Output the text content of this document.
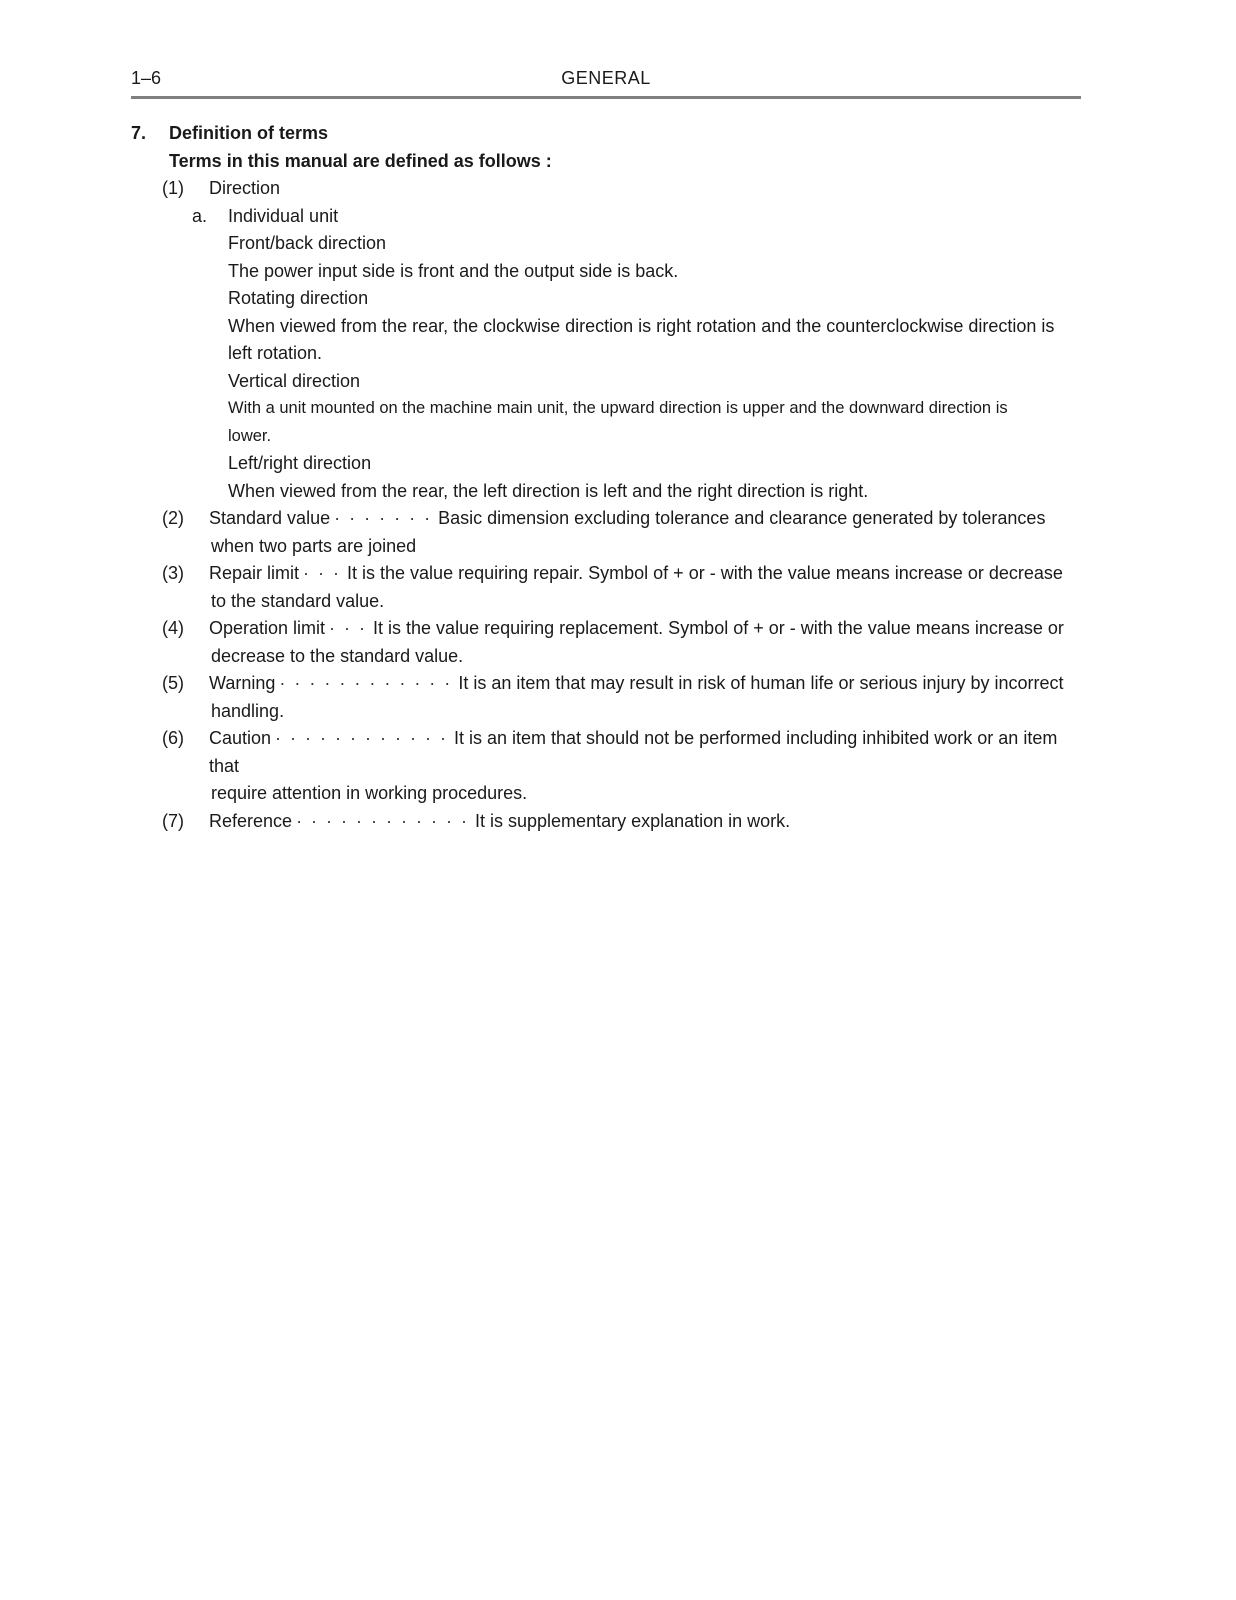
1–6	GENERAL
7. Definition of terms
Terms in this manual are defined as follows :
(1) Direction
a. Individual unit
Front/back direction
The power input side is front and the output side is back.
Rotating direction
When viewed from the rear, the clockwise direction is right rotation and the counterclockwise direction is
left rotation.
Vertical direction
With a unit mounted on the machine main unit, the upward direction is upper and the downward direction is
lower.
Left/right direction
When viewed from the rear, the left direction is left and the right direction is right.
(2) Standard value · · · · · · · Basic dimension excluding tolerance and clearance generated by tolerances
when two parts are joined
(3) Repair limit · · · It is the value requiring repair. Symbol of + or - with the value means increase or decrease
to the standard value.
(4) Operation limit · · · It is the value requiring replacement. Symbol of + or - with the value means increase or
decrease to the standard value.
(5) Warning · · · · · · · · · · · · It is an item that may result in risk of human life or serious injury by incorrect
handling.
(6) Caution · · · · · · · · · · · · It is an item that should not be performed including inhibited work or an item that
require attention in working procedures.
(7) Reference · · · · · · · · · · · · It is supplementary explanation in work.
